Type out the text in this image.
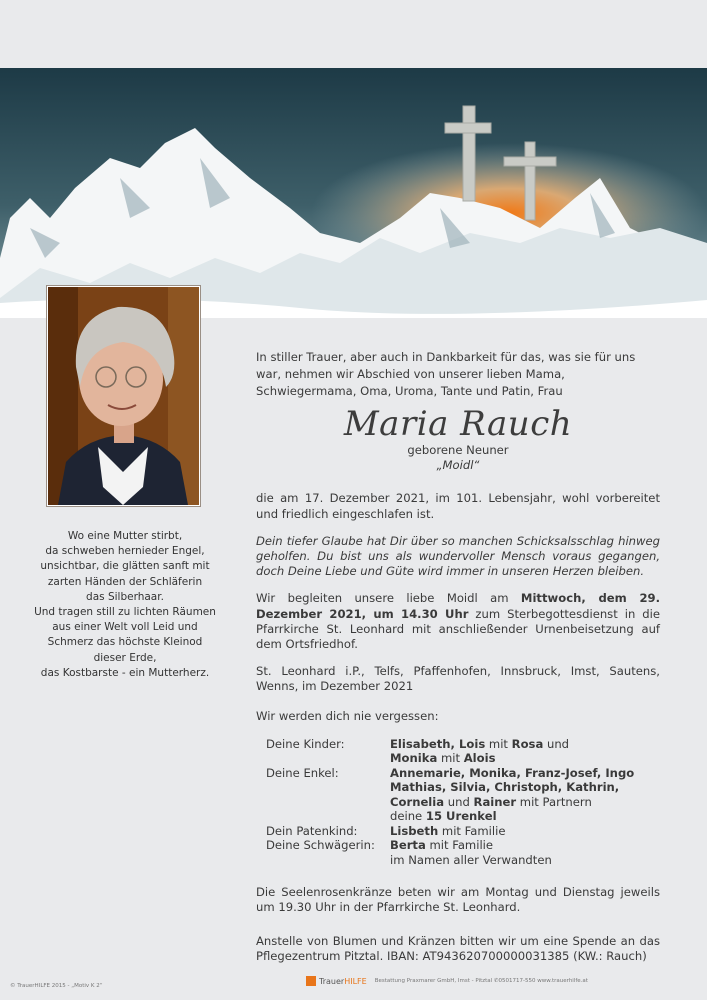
Wo eine Mutter stirbt,
da schweben hernieder Engel,
unsichtbar, die glätten sanft mit
zarten Händen der Schläferin
das Silberhaar.
Und tragen still zu lichten Räumen
aus einer Welt voll Leid und
Schmerz das höchste Kleinod
dieser Erde,
das Kostbarste - ein Mutterherz.
In stiller Trauer, aber auch in Dankbarkeit für das, was sie für uns war, nehmen wir Abschied von unserer lieben Mama, Schwiegermama, Oma, Uroma, Tante und Patin, Frau
Maria Rauch
geborene Neuner
„Moidl“
die am 17. Dezember 2021, im 101. Lebensjahr, wohl vorbereitet und friedlich eingeschlafen ist.
Dein tiefer Glaube hat Dir über so manchen Schicksalsschlag hinweg geholfen. Du bist uns als wundervoller Mensch voraus gegangen, doch Deine Liebe und Güte wird immer in unseren Herzen bleiben.
Wir begleiten unsere liebe Moidl am Mittwoch, dem 29. Dezember 2021, um 14.30 Uhr zum Sterbegottesdienst in die Pfarrkirche St. Leonhard mit anschließender Urnenbeisetzung auf dem Ortsfriedhof.
St. Leonhard i.P., Telfs, Pfaffenhofen, Innsbruck, Imst, Sautens, Wenns, im Dezember 2021
Wir werden dich nie vergessen:
Deine Kinder:	Elisabeth, Lois mit Rosa und
Monika mit Alois
Deine Enkel:	Annemarie, Monika, Franz-Josef, Ingo
Mathias, Silvia, Christoph, Kathrin,
Cornelia und Rainer mit Partnern
deine 15 Urenkel
Dein Patenkind:	Lisbeth mit Familie
Deine Schwägerin:	Berta mit Familie
im Namen aller Verwandten
Die Seelenrosenkränze beten wir am Montag und Dienstag jeweils um 19.30 Uhr in der Pfarrkirche St. Leonhard.
Anstelle von Blumen und Kränzen bitten wir um eine Spende an das Pflegezentrum Pitztal. IBAN: AT943620700000031385 (KW.: Rauch)
© TrauerHILFE 2015 - „Motiv K 2“
TrauerHILFE Bestattung Praxmarer GmbH, Imst - Pitztal ✆0501717-550 www.trauerhilfe.at
